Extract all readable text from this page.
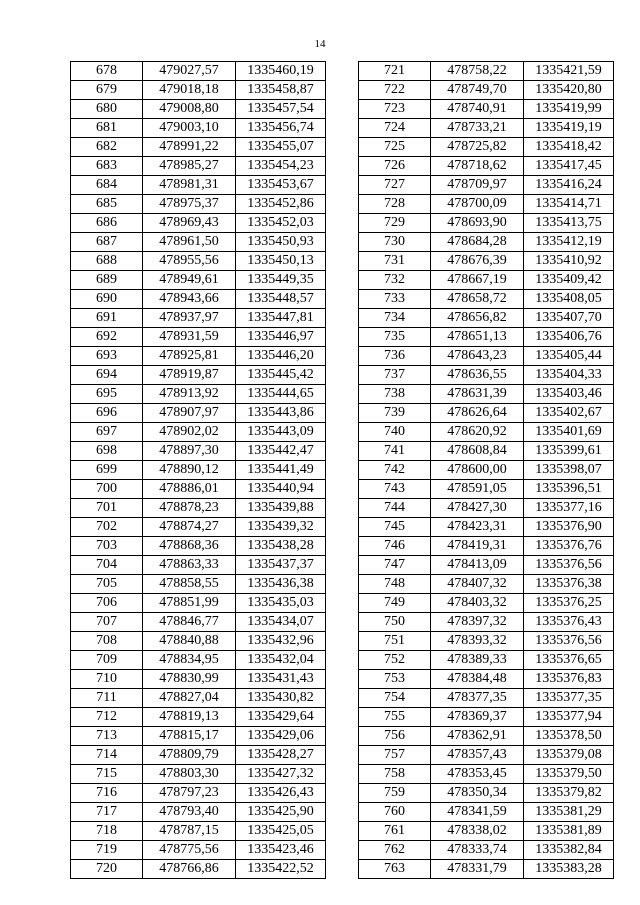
14
678	479027,57	1335460,19
679	479018,18	1335458,87
680	479008,80	1335457,54
681	479003,10	1335456,74
682	478991,22	1335455,07
683	478985,27	1335454,23
684	478981,31	1335453,67
685	478975,37	1335452,86
686	478969,43	1335452,03
687	478961,50	1335450,93
688	478955,56	1335450,13
689	478949,61	1335449,35
690	478943,66	1335448,57
691	478937,97	1335447,81
692	478931,59	1335446,97
693	478925,81	1335446,20
694	478919,87	1335445,42
695	478913,92	1335444,65
696	478907,97	1335443,86
697	478902,02	1335443,09
698	478897,30	1335442,47
699	478890,12	1335441,49
700	478886,01	1335440,94
701	478878,23	1335439,88
702	478874,27	1335439,32
703	478868,36	1335438,28
704	478863,33	1335437,37
705	478858,55	1335436,38
706	478851,99	1335435,03
707	478846,77	1335434,07
708	478840,88	1335432,96
709	478834,95	1335432,04
710	478830,99	1335431,43
711	478827,04	1335430,82
712	478819,13	1335429,64
713	478815,17	1335429,06
714	478809,79	1335428,27
715	478803,30	1335427,32
716	478797,23	1335426,43
717	478793,40	1335425,90
718	478787,15	1335425,05
719	478775,56	1335423,46
720	478766,86	1335422,52
721	478758,22	1335421,59
722	478749,70	1335420,80
723	478740,91	1335419,99
724	478733,21	1335419,19
725	478725,82	1335418,42
726	478718,62	1335417,45
727	478709,97	1335416,24
728	478700,09	1335414,71
729	478693,90	1335413,75
730	478684,28	1335412,19
731	478676,39	1335410,92
732	478667,19	1335409,42
733	478658,72	1335408,05
734	478656,82	1335407,70
735	478651,13	1335406,76
736	478643,23	1335405,44
737	478636,55	1335404,33
738	478631,39	1335403,46
739	478626,64	1335402,67
740	478620,92	1335401,69
741	478608,84	1335399,61
742	478600,00	1335398,07
743	478591,05	1335396,51
744	478427,30	1335377,16
745	478423,31	1335376,90
746	478419,31	1335376,76
747	478413,09	1335376,56
748	478407,32	1335376,38
749	478403,32	1335376,25
750	478397,32	1335376,43
751	478393,32	1335376,56
752	478389,33	1335376,65
753	478384,48	1335376,83
754	478377,35	1335377,35
755	478369,37	1335377,94
756	478362,91	1335378,50
757	478357,43	1335379,08
758	478353,45	1335379,50
759	478350,34	1335379,82
760	478341,59	1335381,29
761	478338,02	1335381,89
762	478333,74	1335382,84
763	478331,79	1335383,28
